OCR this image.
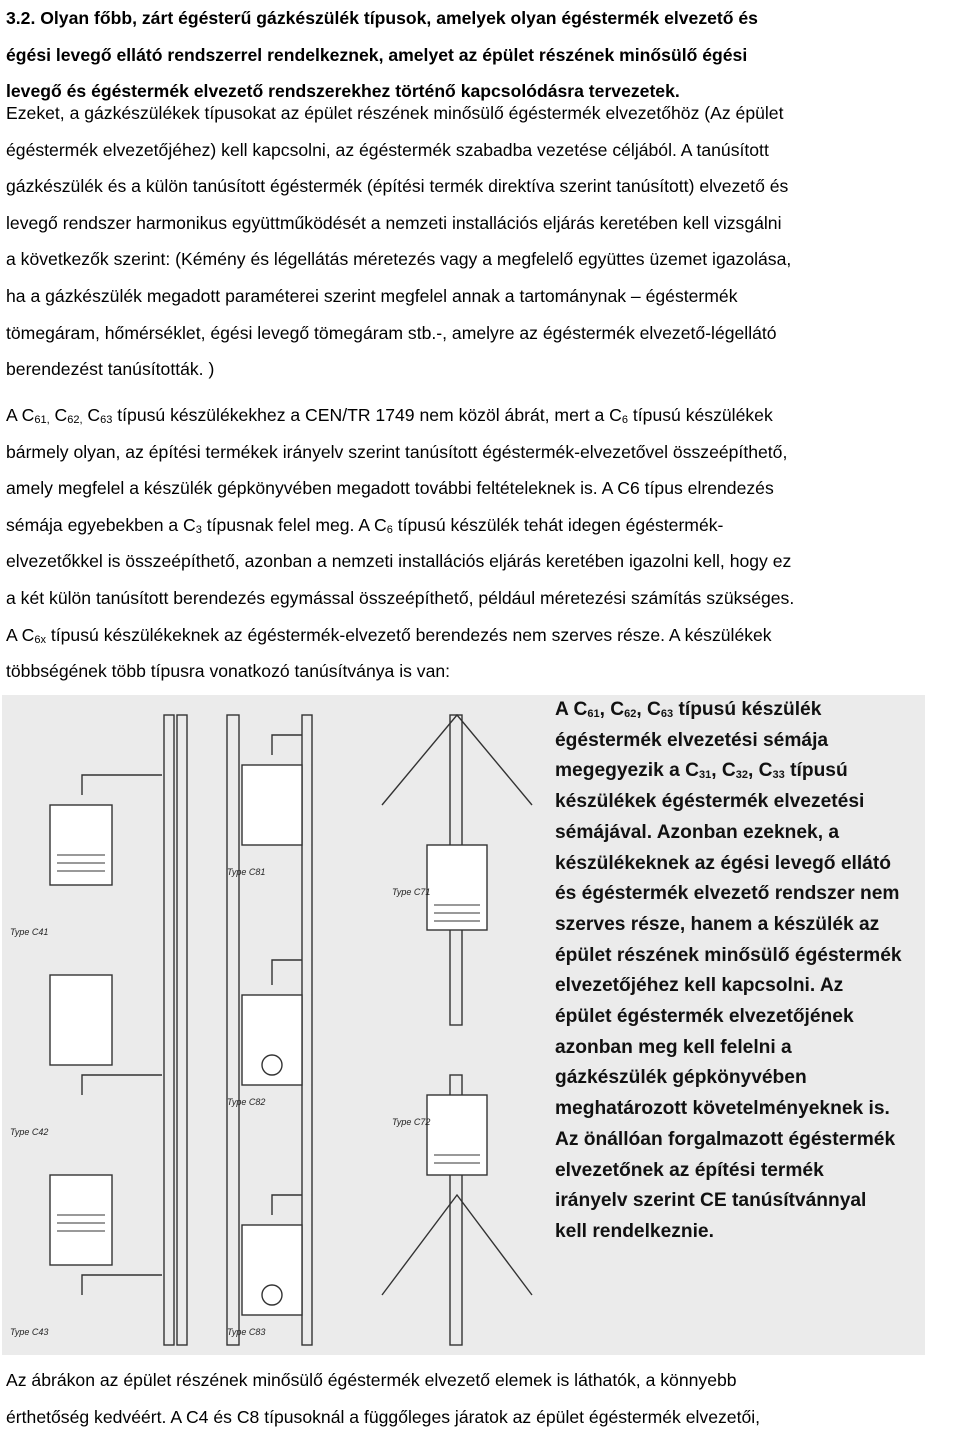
3.2. Olyan főbb, zárt égésterű gázkészülék típusok, amelyek olyan égéstermék elvezető és
égési levegő ellátó rendszerrel rendelkeznek, amelyet az épület részének minősülő égési
levegő és égéstermék elvezető rendszerekhez történő kapcsolódásra tervezetek.
Ezeket, a gázkészülékek típusokat az épület részének minősülő égéstermék elvezetőhöz (Az épület
égéstermék elvezetőjéhez) kell kapcsolni, az égéstermék szabadba vezetése céljából. A tanúsított
gázkészülék és a külön tanúsított égéstermék (építési termék direktíva szerint tanúsított) elvezető és
levegő rendszer harmonikus együttműködését a nemzeti installációs eljárás keretében kell vizsgálni
a következők szerint: (Kémény és légellátás méretezés vagy a megfelelő együttes üzemet igazolása,
ha a gázkészülék megadott paraméterei szerint megfelel annak a tartománynak – égéstermék
tömegáram, hőmérséklet, égési levegő tömegáram stb.-, amelyre az égéstermék elvezető-légellátó
berendezést tanúsították. )
A $C_{61,}$ $C_{62,}$ $C_{63}$ típusú készülékekhez a CEN/TR 1749 nem közöl ábrát, mert a $C_6$ típusú készülékek
bármely olyan, az építési termékek irányelv szerint tanúsított égéstermék-elvezetővel összeépíthető,
amely megfelel a készülék gépkönyvében megadott további feltételeknek is. A C6 típus elrendezés
sémája egyebekben a $C_3$ típusnak felel meg. A $C_6$ típusú készülék tehát idegen égéstermék-
elvezetőkkel is összeépíthető, azonban a nemzeti installációs eljárás keretében igazolni kell, hogy ez
a két külön tanúsított berendezés egymással összeépíthető, például méretezési számítás szükséges.
A $C_{6x}$ típusú készülékeknek az égéstermék-elvezető berendezés nem szerves része. A készülékek
többségének több típusra vonatkozó tanúsítványa is van:
Type C41
Type C42
Type C43
Type C81
Type C82
Type C83
Type C71
Type C72
A $C_{61}$, $C_{62}$, $C_{63}$ típusú készülék
égéstermék elvezetési sémája
megegyezik a $C_{31}$, $C_{32}$, $C_{33}$ típusú
készülékek égéstermék elvezetési
sémájával. Azonban ezeknek, a
készülékeknek az égési levegő ellátó
és égéstermék elvezető rendszer nem
szerves része, hanem a készülék az
épület részének minősülő égéstermék
elvezetőjéhez kell kapcsolni. Az
épület égéstermék elvezetőjének
azonban meg kell felelni a
gázkészülék gépkönyvében
meghatározott követelményeknek is.
Az önállóan forgalmazott égéstermék
elvezetőnek az építési termék
irányelv szerint CE tanúsítvánnyal
kell rendelkeznie.
Az ábrákon az épület részének minősülő égéstermék elvezető elemek is láthatók, a könnyebb
érthetőség kedvéért. A C4 és C8 típusoknál a függőleges járatok az épület égéstermék elvezetői,
